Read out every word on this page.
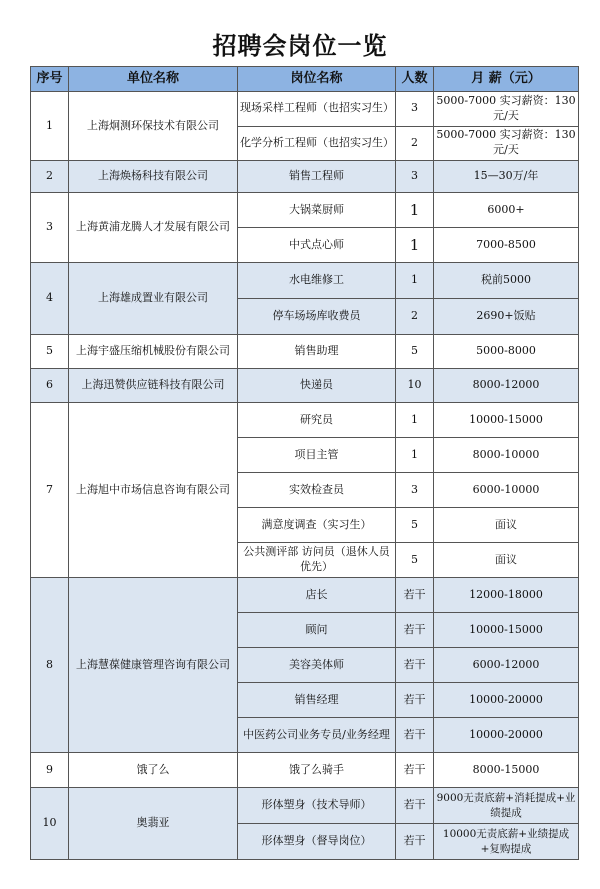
招聘会岗位一览
序号	单位名称	岗位名称	人数	月 薪（元）
1	上海炯测环保技术有限公司	现场采样工程师（也招实习生）	3	5000-7000 实习薪资：130元/天
		化学分析工程师（也招实习生）	2	5000-7000 实习薪资：130元/天
2	上海焕杨科技有限公司	销售工程师	3	15—30万/年
3	上海黄浦龙腾人才发展有限公司	大锅菜厨师	1	6000+
		中式点心师	1	7000-8500
4	上海雄成置业有限公司	水电维修工	1	税前5000
		停车场场库收费员	2	2690+饭贴
5	上海宇盛压缩机械股份有限公司	销售助理	5	5000-8000
6	上海迅赞供应链科技有限公司	快递员	10	8000-12000
7	上海旭中市场信息咨询有限公司	研究员	1	10000-15000
		项目主管	1	8000-10000
		实效检查员	3	6000-10000
		满意度调查（实习生）	5	面议
		公共测评部 访问员（退休人员优先）	5	面议
8	上海慧葆健康管理咨询有限公司	店长	若干	12000-18000
		顾问	若干	10000-15000
		美容美体师	若干	6000-12000
		销售经理	若干	10000-20000
		中医药公司业务专员/业务经理	若干	10000-20000
9	饿了么	饿了么骑手	若干	8000-15000
10	奥翡亚	形体塑身（技术导师）	若干	9000无责底薪+消耗提成+业绩提成
		形体塑身（督导岗位）	若干	10000无责底薪+业绩提成+复购提成
